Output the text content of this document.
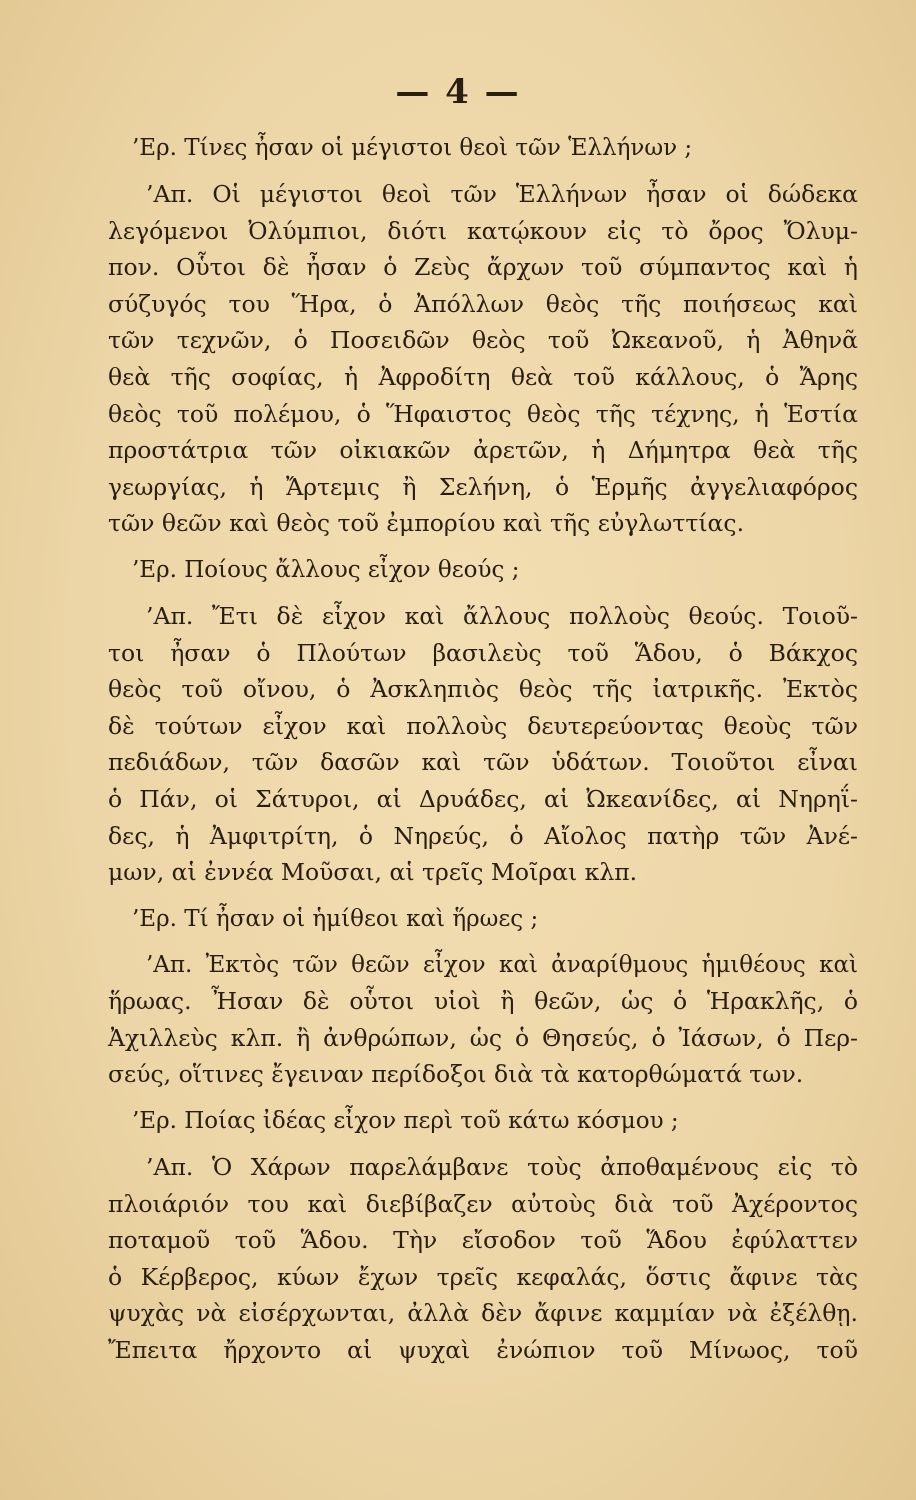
— 4 —
’Ερ. Τίνες ἦσαν οἱ μέγιστοι θεοὶ τῶν Ἑλλήνων ;
’Απ. Οἱ μέγιστοι θεοὶ τῶν Ἑλλήνων ἦσαν οἱ δώδεκα
λεγόμενοι Ὀλύμπιοι, διότι κατῴκουν εἰς τὸ ὄρος Ὄλυμ-
πον. Οὗτοι δὲ ἦσαν ὁ Ζεὺς ἄρχων τοῦ σύμπαντος καὶ ἡ
σύζυγός του Ἥρα, ὁ Ἀπόλλων θεὸς τῆς ποιήσεως καὶ
τῶν τεχνῶν, ὁ Ποσειδῶν θεὸς τοῦ Ὠκεανοῦ, ἡ Ἀθηνᾶ
θεὰ τῆς σοφίας, ἡ Ἀφροδίτη θεὰ τοῦ κάλλους, ὁ Ἄρης
θεὸς τοῦ πολέμου, ὁ Ἥφαιστος θεὸς τῆς τέχνης, ἡ Ἑστία
προστάτρια τῶν οἰκιακῶν ἀρετῶν, ἡ Δήμητρα θεὰ τῆς
γεωργίας, ἡ Ἄρτεμις ἢ Σελήνη, ὁ Ἑρμῆς ἀγγελιαφόρος
τῶν θεῶν καὶ θεὸς τοῦ ἐμπορίου καὶ τῆς εὐγλωττίας.
’Ερ. Ποίους ἄλλους εἶχον θεούς ;
’Απ. Ἔτι δὲ εἶχον καὶ ἄλλους πολλοὺς θεούς. Τοιοῦ-
τοι ἦσαν ὁ Πλούτων βασιλεὺς τοῦ Ἅδου, ὁ Βάκχος
θεὸς τοῦ οἴνου, ὁ Ἀσκληπιὸς θεὸς τῆς ἰατρικῆς. Ἐκτὸς
δὲ τούτων εἶχον καὶ πολλοὺς δευτερεύοντας θεοὺς τῶν
πεδιάδων, τῶν δασῶν καὶ τῶν ὑδάτων. Τοιοῦτοι εἶναι
ὁ Πάν, οἱ Σάτυροι, αἱ Δρυάδες, αἱ Ὠκεανίδες, αἱ Νηρηΐ-
δες, ἡ Ἀμφιτρίτη, ὁ Νηρεύς, ὁ Αἴολος πατὴρ τῶν Ἀνέ-
μων, αἱ ἐννέα Μοῦσαι, αἱ τρεῖς Μοῖραι κλπ.
’Ερ. Τί ἦσαν οἱ ἡμίθεοι καὶ ἥρωες ;
’Απ. Ἐκτὸς τῶν θεῶν εἶχον καὶ ἀναρίθμους ἡμιθέους καὶ
ἥρωας. Ἦσαν δὲ οὗτοι υἱοὶ ἢ θεῶν, ὡς ὁ Ἡρακλῆς, ὁ
Ἀχιλλεὺς κλπ. ἢ ἀνθρώπων, ὡς ὁ Θησεύς, ὁ Ἰάσων, ὁ Περ-
σεύς, οἵτινες ἔγειναν περίδοξοι διὰ τὰ κατορθώματά των.
’Ερ. Ποίας ἰδέας εἶχον περὶ τοῦ κάτω κόσμου ;
’Απ. Ὁ Χάρων παρελάμβανε τοὺς ἀποθαμένους εἰς τὸ
πλοιάριόν του καὶ διεβίβαζεν αὐτοὺς διὰ τοῦ Ἀχέροντος
ποταμοῦ τοῦ Ἅδου. Τὴν εἴσοδον τοῦ Ἅδου ἐφύλαττεν
ὁ Κέρβερος, κύων ἔχων τρεῖς κεφαλάς, ὅστις ἄφινε τὰς
ψυχὰς νὰ εἰσέρχωνται, ἀλλὰ δὲν ἄφινε καμμίαν νὰ ἐξέλθῃ.
Ἔπειτα ἤρχοντο αἱ ψυχαὶ ἐνώπιον τοῦ Μίνωος, τοῦ
